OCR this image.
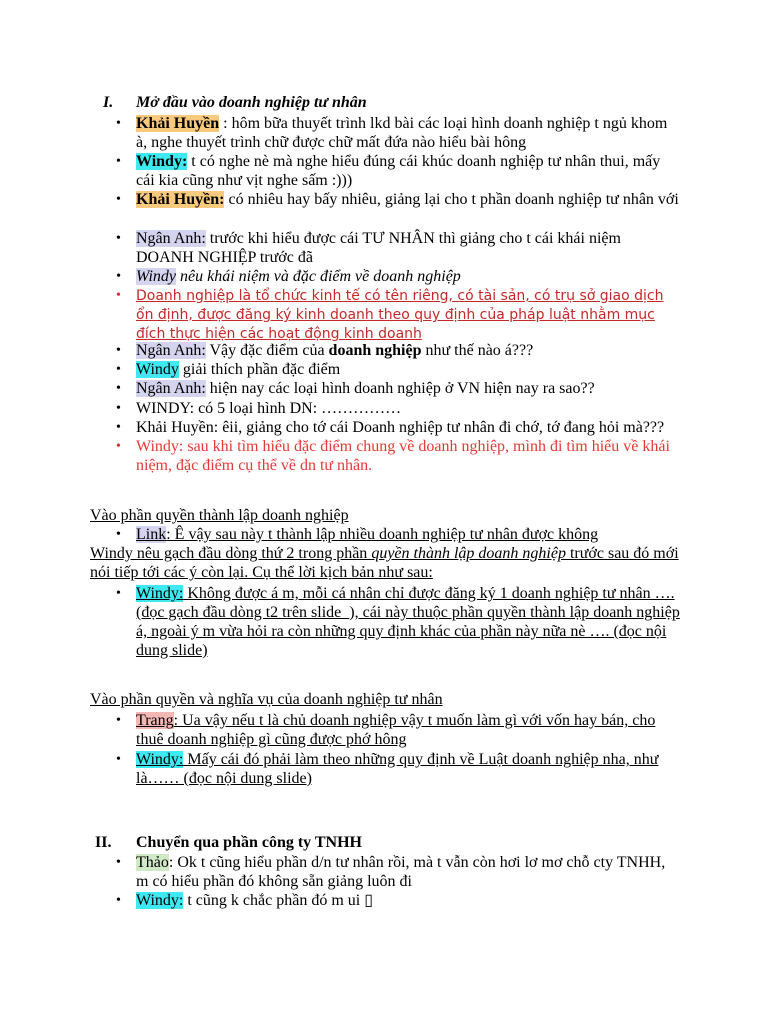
I. Mở đầu vào doanh nghiệp tư nhân
• Khải Huyền : hôm bữa thuyết trình lkd bài các loại hình doanh nghiệp t ngủ khom à, nghe thuyết trình chữ được chữ mất đứa nào hiểu bài hông
• Windy: t có nghe nè mà nghe hiểu đúng cái khúc doanh nghiệp tư nhân thui, mấy cái kia cũng như vịt nghe sấm :)))
• Khải Huyền: có nhiêu hay bấy nhiêu, giảng lại cho t phần doanh nghiệp tư nhân với
• Ngân Anh: trước khi hiểu được cái TƯ NHÂN thì giảng cho t cái khái niệm DOANH NGHIỆP trước đã
• Windy nêu khái niệm và đặc điểm về doanh nghiệp
• Doanh nghiệp là tổ chức kinh tế có tên riêng, có tài sản, có trụ sở giao dịch ổn định, được đăng ký kinh doanh theo quy định của pháp luật nhằm mục đích thực hiện các hoạt động kinh doanh
• Ngân Anh: Vậy đặc điểm của doanh nghiệp như thế nào á???
• Windy giải thích phần đặc điểm
• Ngân Anh: hiện nay các loại hình doanh nghiệp ở VN hiện nay ra sao??
• WINDY: có 5 loại hình DN: ……………
• Khải Huyền: êii, giảng cho tớ cái Doanh nghiệp tư nhân đi chớ, tớ đang hỏi mà???
• Windy: sau khi tìm hiểu đặc điểm chung về doanh nghiệp, mình đi tìm hiểu về khái niệm, đặc điểm cụ thể về dn tư nhân.
Vào phần quyền thành lập doanh nghiệp
• Link: Ê vậy sau này t thành lập nhiều doanh nghiệp tư nhân được không
Windy nêu gạch đầu dòng thứ 2 trong phần quyền thành lập doanh nghiệp trước sau đó mới nói tiếp tới các ý còn lại. Cụ thể lời kịch bản như sau:
• Windy: Không được á m, mỗi cá nhân chỉ được đăng ký 1 doanh nghiệp tư nhân …. (đọc gạch đầu dòng t2 trên slide_), cái này thuộc phần quyền thành lập doanh nghiệp á, ngoài ý m vừa hỏi ra còn những quy định khác của phần này nữa nè …. (đọc nội dung slide)
Vào phần quyền và nghĩa vụ của doanh nghiệp tư nhân
• Trang: Ua vậy nếu t là chủ doanh nghiệp vậy t muốn làm gì với vốn hay bán, cho thuê doanh nghiệp gì cũng được phớ hông
• Windy: Mấy cái đó phải làm theo những quy định về Luật doanh nghiệp nha, như là…… (đọc nội dung slide)
II. Chuyển qua phần công ty TNHH
• Thảo: Ok t cũng hiểu phần d/n tư nhân rồi, mà t vẫn còn hơi lơ mơ chỗ cty TNHH, m có hiểu phần đó không sẵn giảng luôn đi
• Windy: t cũng k chắc phần đó m ui ▯
